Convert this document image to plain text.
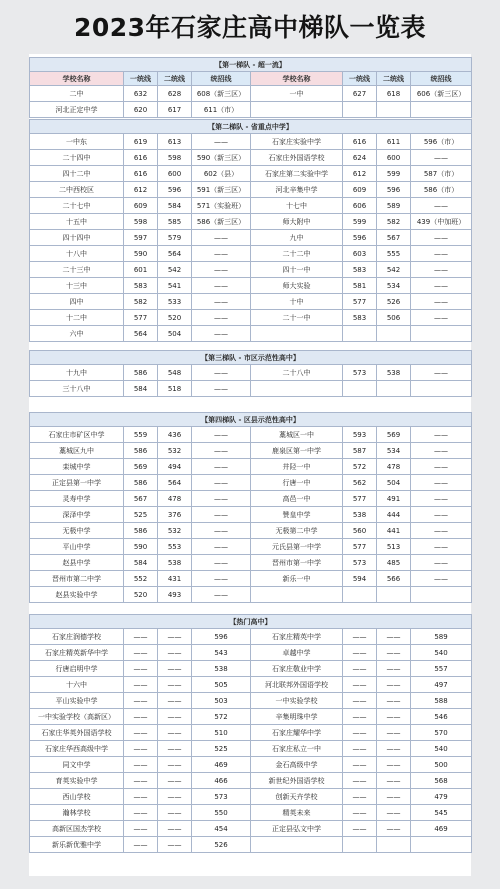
2023年石家庄高中梯队一览表
【第一梯队 - 超一流】							
学校名称	一统线	二统线	统招线	学校名称	一统线	二统线	统招线
二中	632	628	608（新三区）	一中	627	618	606（新三区）
河北正定中学	620	617	611（市）				
【第二梯队 - 省重点中学】							
一中东	619	613	——	石家庄实验中学	616	611	596（市）
二十四中	616	598	590（新三区）	石家庄外国语学校	624	600	——
四十二中	616	600	602（县）	石家庄第二实验中学	612	599	587（市）
二中西校区	612	596	591（新三区）	河北辛集中学	609	596	586（市）
二十七中	609	584	571（实验班）	十七中	606	589	——
十五中	598	585	586（新三区）	师大附中	599	582	439（中加班）
四十四中	597	579	——	九中	596	567	——
十八中	590	564	——	二十二中	603	555	——
二十三中	601	542	——	四十一中	583	542	——
十三中	583	541	——	师大实验	581	534	——
四中	582	533	——	十中	577	526	——
十二中	577	520	——	二十一中	583	506	——
六中	564	504	——				
【第三梯队 - 市区示范性高中】							
十九中	586	548	——	二十八中	573	538	——
三十八中	584	518	——				
【第四梯队 - 区县示范性高中】							
石家庄市矿区中学	559	436	——	藁城区一中	593	569	——
藁城区九中	586	532	——	鹿泉区第一中学	587	534	——
栾城中学	569	494	——	井陉一中	572	478	——
正定县第一中学	586	564	——	行唐一中	562	504	——
灵寿中学	567	478	——	高邑一中	577	491	——
深泽中学	525	376	——	赞皇中学	538	444	——
无极中学	586	532	——	无极第二中学	560	441	——
平山中学	590	553	——	元氏县第一中学	577	513	——
赵县中学	584	538	——	晋州市第一中学	573	485	——
晋州市第二中学	552	431	——	新乐一中	594	566	——
赵县实验中学	520	493	——				
【热门高中】							
石家庄润德学校	——	——	596	石家庄精英中学	——	——	589
石家庄精英新华中学	——	——	543	卓越中学	——	——	540
行唐启明中学	——	——	538	石家庄敬业中学	——	——	557
十六中	——	——	505	河北联邦外国语学校	——	——	497
平山实验中学	——	——	503	一中实验学校	——	——	588
一中实验学校（高新区）	——	——	572	辛集明珠中学	——	——	546
石家庄华英外国语学校	——	——	510	石家庄耀华中学	——	——	570
石家庄华西高级中学	——	——	525	石家庄私立一中	——	——	540
同文中学	——	——	469	金石高级中学	——	——	500
育英实验中学	——	——	466	新世纪外国语学校	——	——	568
西山学校	——	——	573	创新天卉学校	——	——	479
瀚林学校	——	——	550	精英未来	——	——	545
高新区国杰学校	——	——	454	正定县弘文中学	——	——	469
新乐新优雅中学	——	——	526				
